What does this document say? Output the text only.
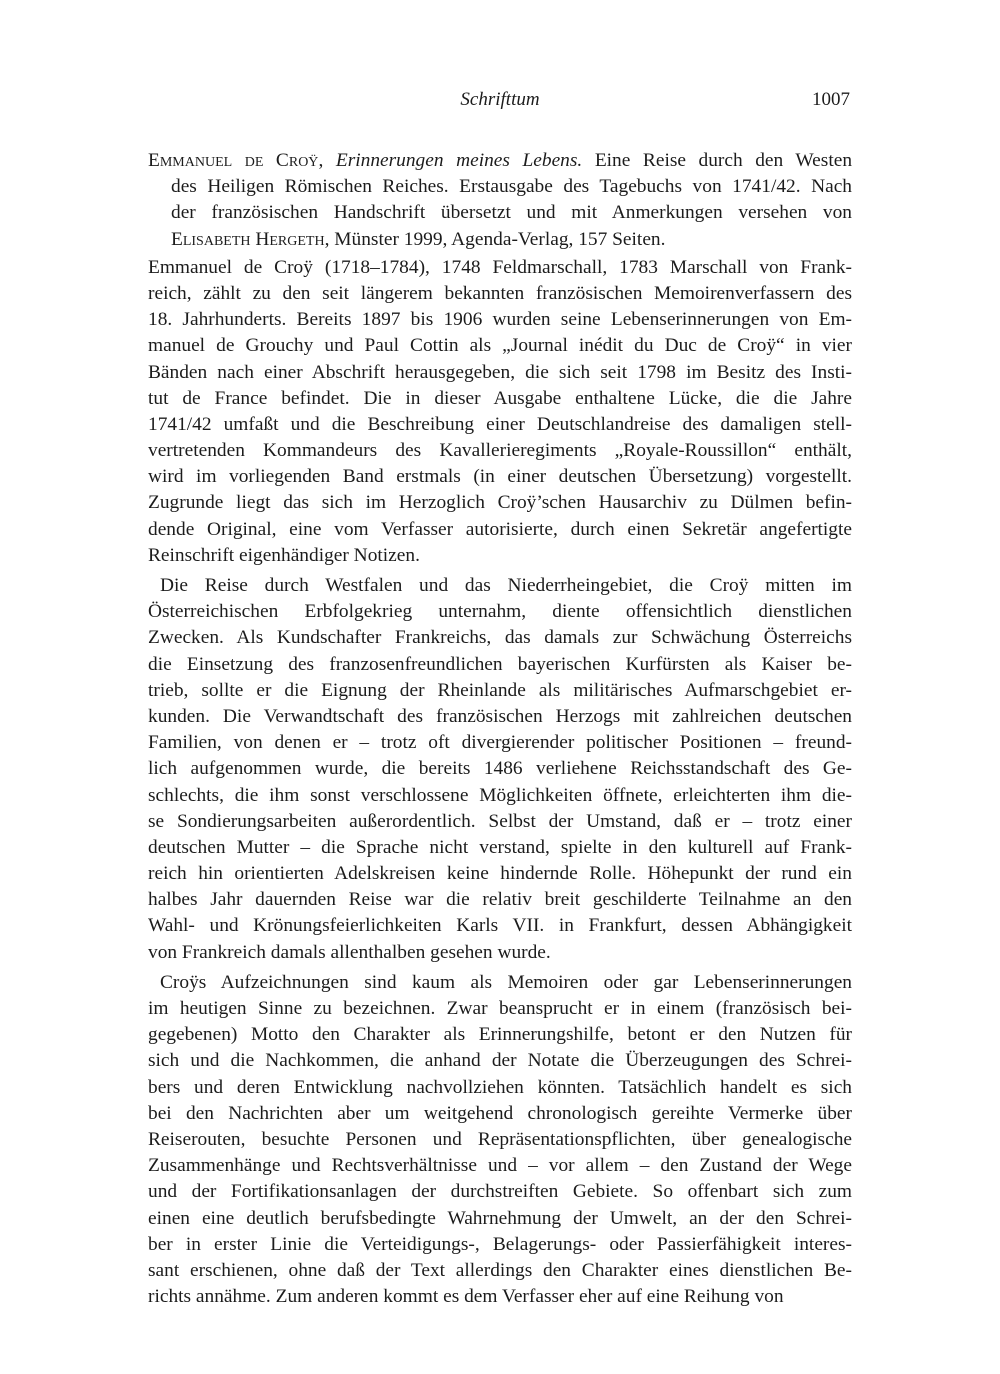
Schrifttum	1007
Emmanuel de Croÿ, Erinnerungen meines Lebens. Eine Reise durch den Westen
des Heiligen Römischen Reiches. Erstausgabe des Tagebuchs von 1741/42. Nach
der französischen Handschrift übersetzt und mit Anmerkungen versehen von
Elisabeth Hergeth, Münster 1999, Agenda-Verlag, 157 Seiten.
Emmanuel de Croÿ (1718–1784), 1748 Feldmarschall, 1783 Marschall von Frank-
reich, zählt zu den seit längerem bekannten französischen Memoirenverfassern des
18. Jahrhunderts. Bereits 1897 bis 1906 wurden seine Lebenserinnerungen von Em-
manuel de Grouchy und Paul Cottin als „Journal inédit du Duc de Croÿ“ in vier
Bänden nach einer Abschrift herausgegeben, die sich seit 1798 im Besitz des Insti-
tut de France befindet. Die in dieser Ausgabe enthaltene Lücke, die die Jahre
1741/42 umfaßt und die Beschreibung einer Deutschlandreise des damaligen stell-
vertretenden Kommandeurs des Kavallerieregiments „Royale-Roussillon“ enthält,
wird im vorliegenden Band erstmals (in einer deutschen Übersetzung) vorgestellt.
Zugrunde liegt das sich im Herzoglich Croÿ’schen Hausarchiv zu Dülmen befin-
dende Original, eine vom Verfasser autorisierte, durch einen Sekretär angefertigte
Reinschrift eigenhändiger Notizen.
Die Reise durch Westfalen und das Niederrheingebiet, die Croÿ mitten im
Österreichischen Erbfolgekrieg unternahm, diente offensichtlich dienstlichen
Zwecken. Als Kundschafter Frankreichs, das damals zur Schwächung Österreichs
die Einsetzung des franzosenfreundlichen bayerischen Kurfürsten als Kaiser be-
trieb, sollte er die Eignung der Rheinlande als militärisches Aufmarschgebiet er-
kunden. Die Verwandtschaft des französischen Herzogs mit zahlreichen deutschen
Familien, von denen er – trotz oft divergierender politischer Positionen – freund-
lich aufgenommen wurde, die bereits 1486 verliehene Reichsstandschaft des Ge-
schlechts, die ihm sonst verschlossene Möglichkeiten öffnete, erleichterten ihm die-
se Sondierungsarbeiten außerordentlich. Selbst der Umstand, daß er – trotz einer
deutschen Mutter – die Sprache nicht verstand, spielte in den kulturell auf Frank-
reich hin orientierten Adelskreisen keine hindernde Rolle. Höhepunkt der rund ein
halbes Jahr dauernden Reise war die relativ breit geschilderte Teilnahme an den
Wahl- und Krönungsfeierlichkeiten Karls VII. in Frankfurt, dessen Abhängigkeit
von Frankreich damals allenthalben gesehen wurde.
Croÿs Aufzeichnungen sind kaum als Memoiren oder gar Lebenserinnerungen
im heutigen Sinne zu bezeichnen. Zwar beansprucht er in einem (französisch bei-
gegebenen) Motto den Charakter als Erinnerungshilfe, betont er den Nutzen für
sich und die Nachkommen, die anhand der Notate die Überzeugungen des Schrei-
bers und deren Entwicklung nachvollziehen könnten. Tatsächlich handelt es sich
bei den Nachrichten aber um weitgehend chronologisch gereihte Vermerke über
Reiserouten, besuchte Personen und Repräsentationspflichten, über genealogische
Zusammenhänge und Rechtsverhältnisse und – vor allem – den Zustand der Wege
und der Fortifikationsanlagen der durchstreiften Gebiete. So offenbart sich zum
einen eine deutlich berufsbedingte Wahrnehmung der Umwelt, an der den Schrei-
ber in erster Linie die Verteidigungs-, Belagerungs- oder Passierfähigkeit interes-
sant erschienen, ohne daß der Text allerdings den Charakter eines dienstlichen Be-
richts annähme. Zum anderen kommt es dem Verfasser eher auf eine Reihung von
